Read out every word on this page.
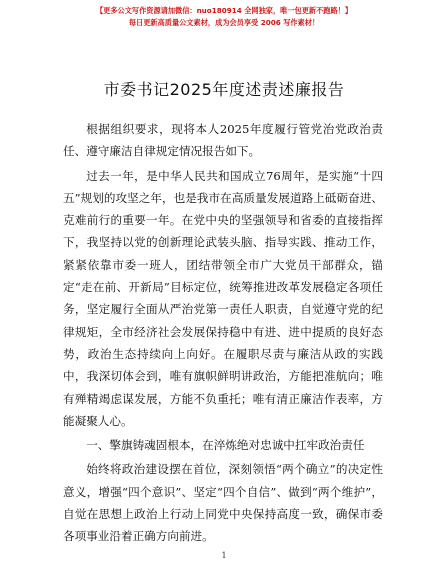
【更多公文写作资源请加微信：nuo180914 全网独家，唯一包更新不跑路！】
每日更新高质量公文素材，成为会员享受 2006 写作素材！
市委书记2025年度述责述廉报告

根据组织要求，现将本人2025年度履行管党治党政治责任、遵守廉洁自律规定情况报告如下。

过去一年，是中华人民共和国成立76周年，是实施“十四五”规划的攻坚之年，也是我市在高质量发展道路上砥砺奋进、克难前行的重要一年。在党中央的坚强领导和省委的直接指挥下，我坚持以党的创新理论武装头脑、指导实践、推动工作，紧紧依靠市委一班人，团结带领全市广大党员干部群众，锚定“走在前、开新局”目标定位，统筹推进改革发展稳定各项任务，坚定履行全面从严治党第一责任人职责，自觉遵守党的纪律规矩，全市经济社会发展保持稳中有进、进中提质的良好态势，政治生态持续向上向好。在履职尽责与廉洁从政的实践中，我深切体会到，唯有旗帜鲜明讲政治，方能把准航向；唯有殚精竭虑谋发展，方能不负重托；唯有清正廉洁作表率，方能凝聚人心。

一、擎旗铸魂固根本，在淬炼绝对忠诚中扛牢政治责任

始终将政治建设摆在首位，深刻领悟“两个确立”的决定性意义，增强“四个意识”、坚定“四个自信”、做到“两个维护”，自觉在思想上政治上行动上同党中央保持高度一致，确保市委各项事业沿着正确方向前进。

1
